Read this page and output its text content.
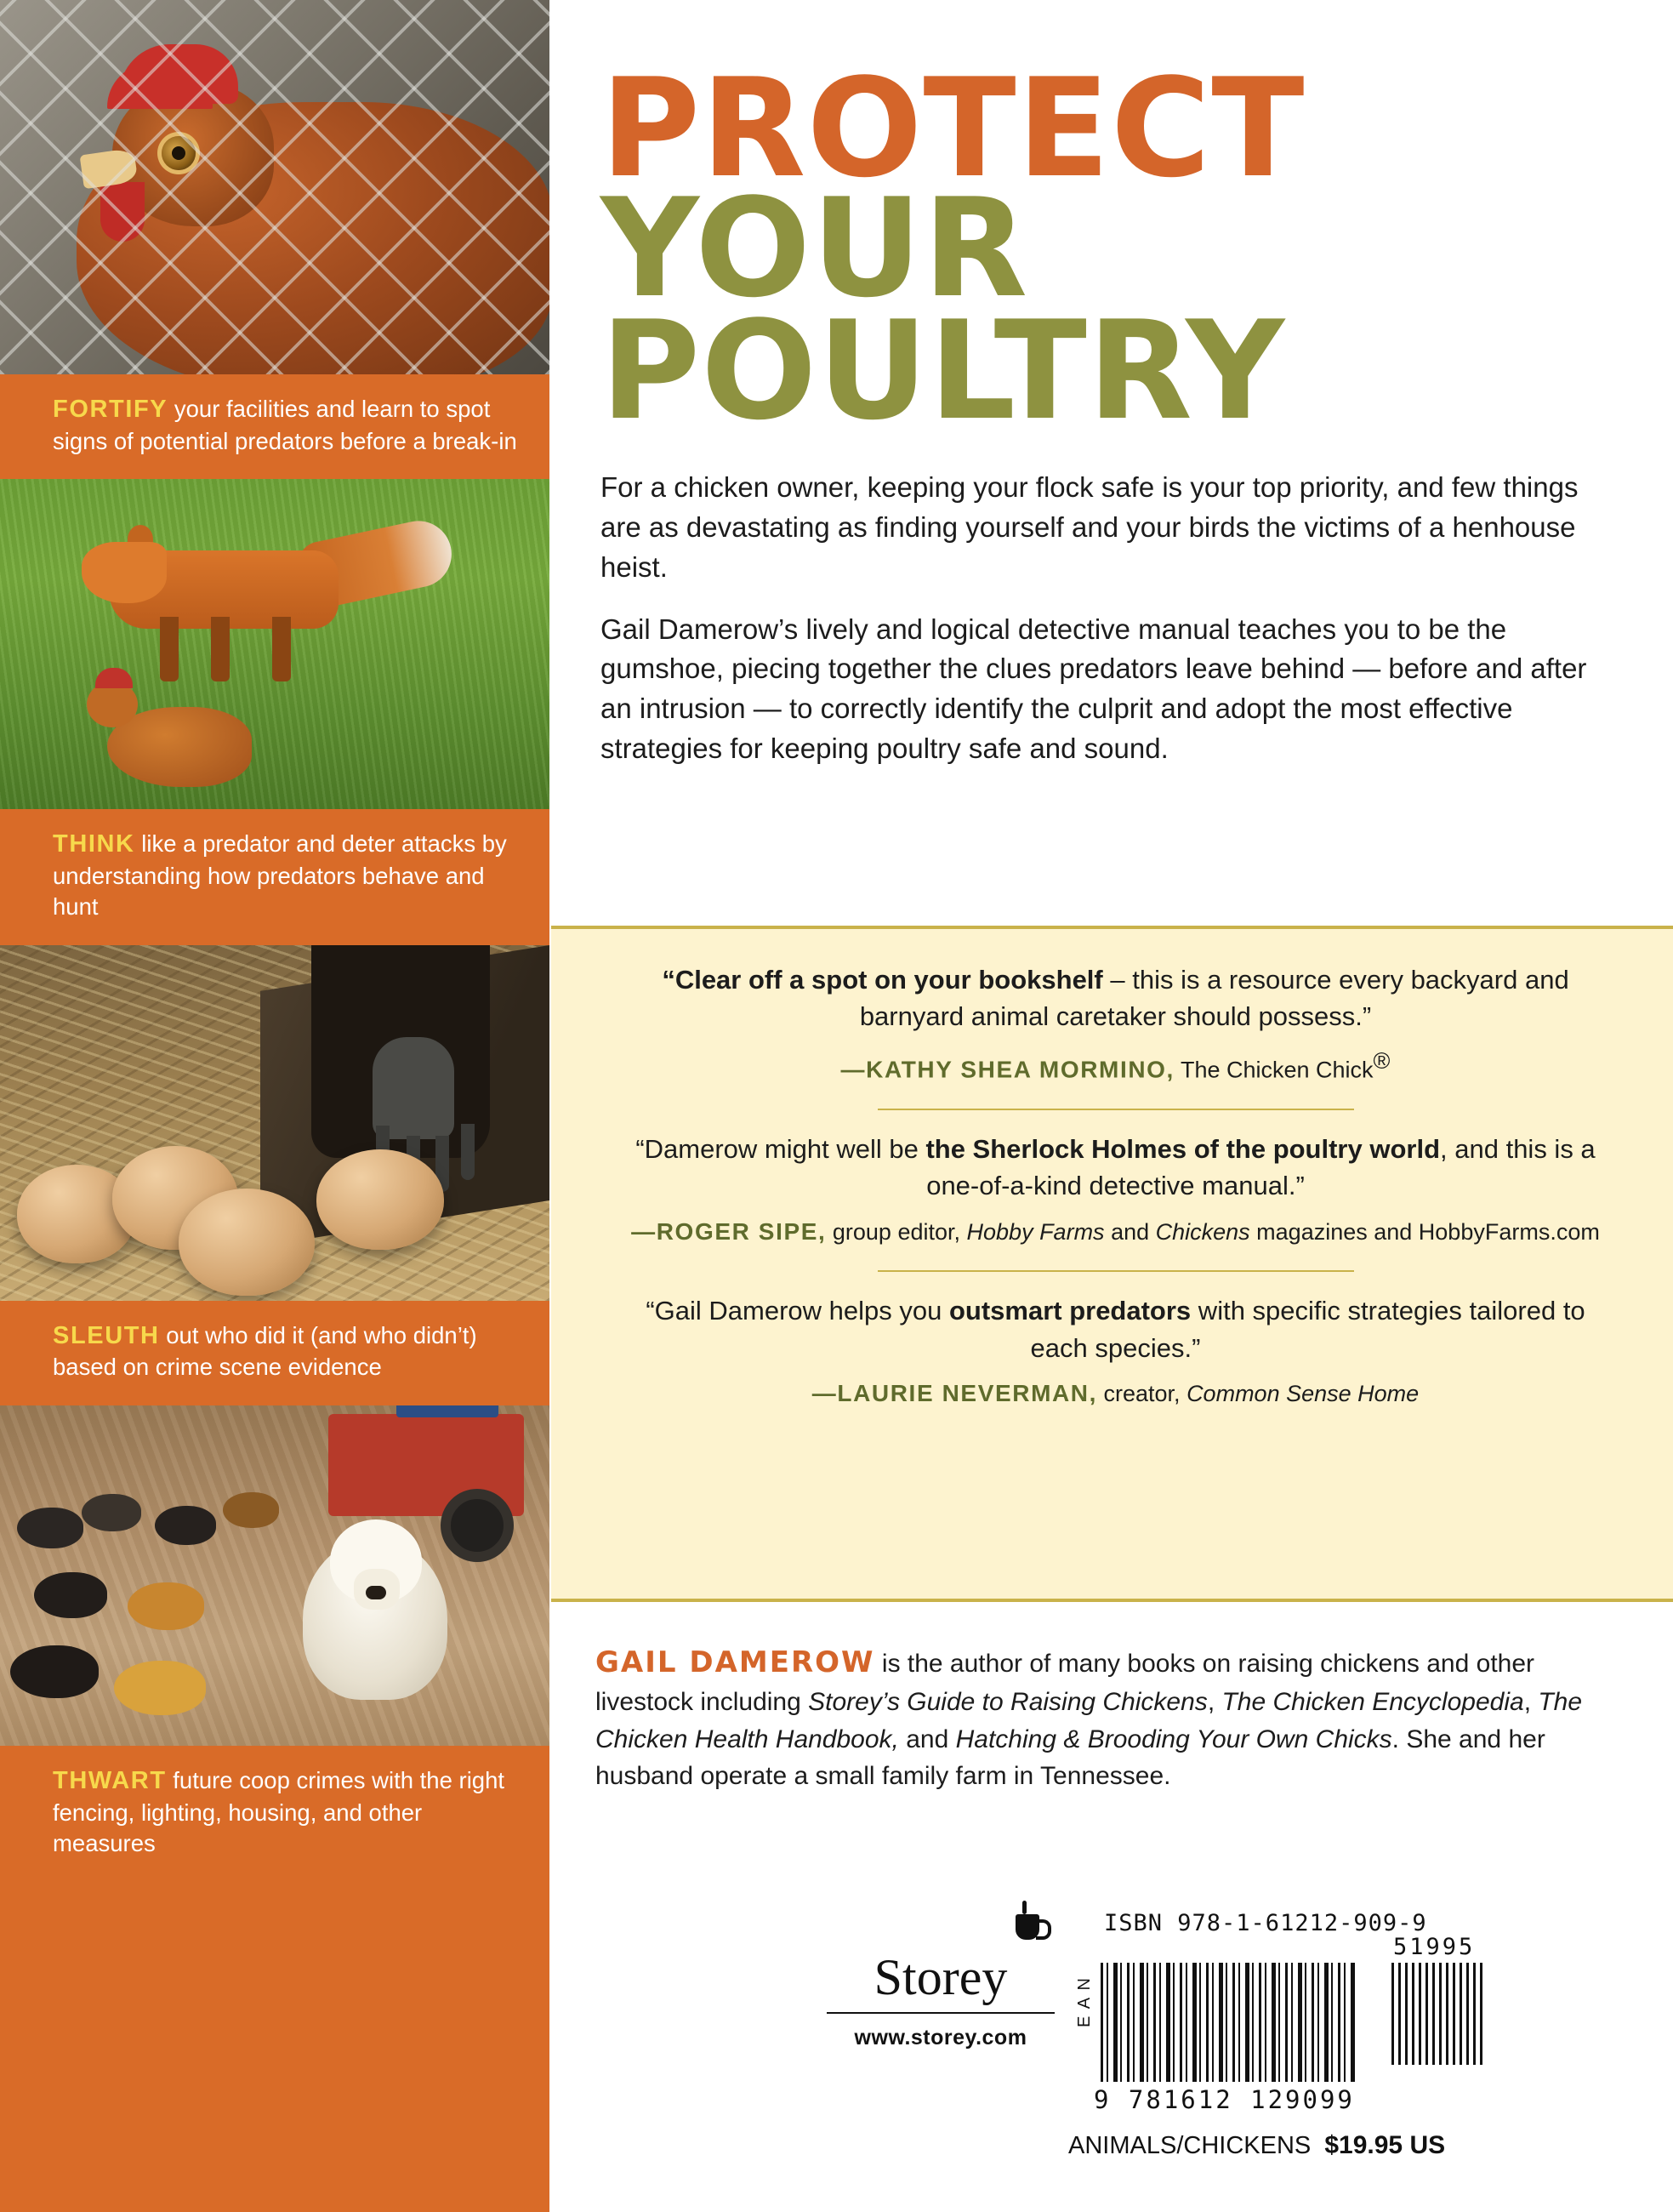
FORTIFY your facilities and learn to spot signs of potential predators before a break-in
THINK like a predator and deter attacks by understanding how predators behave and hunt
SLEUTH out who did it (and who didn’t) based on crime scene evidence
THWART future coop crimes with the right fencing, lighting, housing, and other measures
PROTECT
YOUR POULTRY

For a chicken owner, keeping your flock safe is your top priority, and few things are as devastating as finding yourself and your birds the victims of a henhouse heist.

Gail Damerow’s lively and logical detective manual teaches you to be the gumshoe, piecing together the clues predators leave behind — before and after an intrusion — to correctly identify the culprit and adopt the most effective strategies for keeping poultry safe and sound.

“Clear off a spot on your bookshelf – this is a resource every backyard and barnyard animal caretaker should possess.”
—KATHY SHEA MORMINO, The Chicken Chick®
“Damerow might well be the Sherlock Holmes of the poultry world, and this is a one-of-a-kind detective manual.”
—ROGER SIPE, group editor, Hobby Farms and Chickens magazines and HobbyFarms.com
“Gail Damerow helps you outsmart predators with specific strategies tailored to each species.”
—LAURIE NEVERMAN, creator, Common Sense Home
GAIL DAMEROW is the author of many books on raising chickens and other livestock including Storey’s Guide to Raising Chickens, The Chicken Encyclopedia, The Chicken Health Handbook, and Hatching & Brooding Your Own Chicks. She and her husband operate a small family farm in Tennessee.
ISBN 978-1-61212-909-9
Storey
www.storey.com
E A N
9 781612 129099
51995
ANIMALS/CHICKENS $19.95 US
